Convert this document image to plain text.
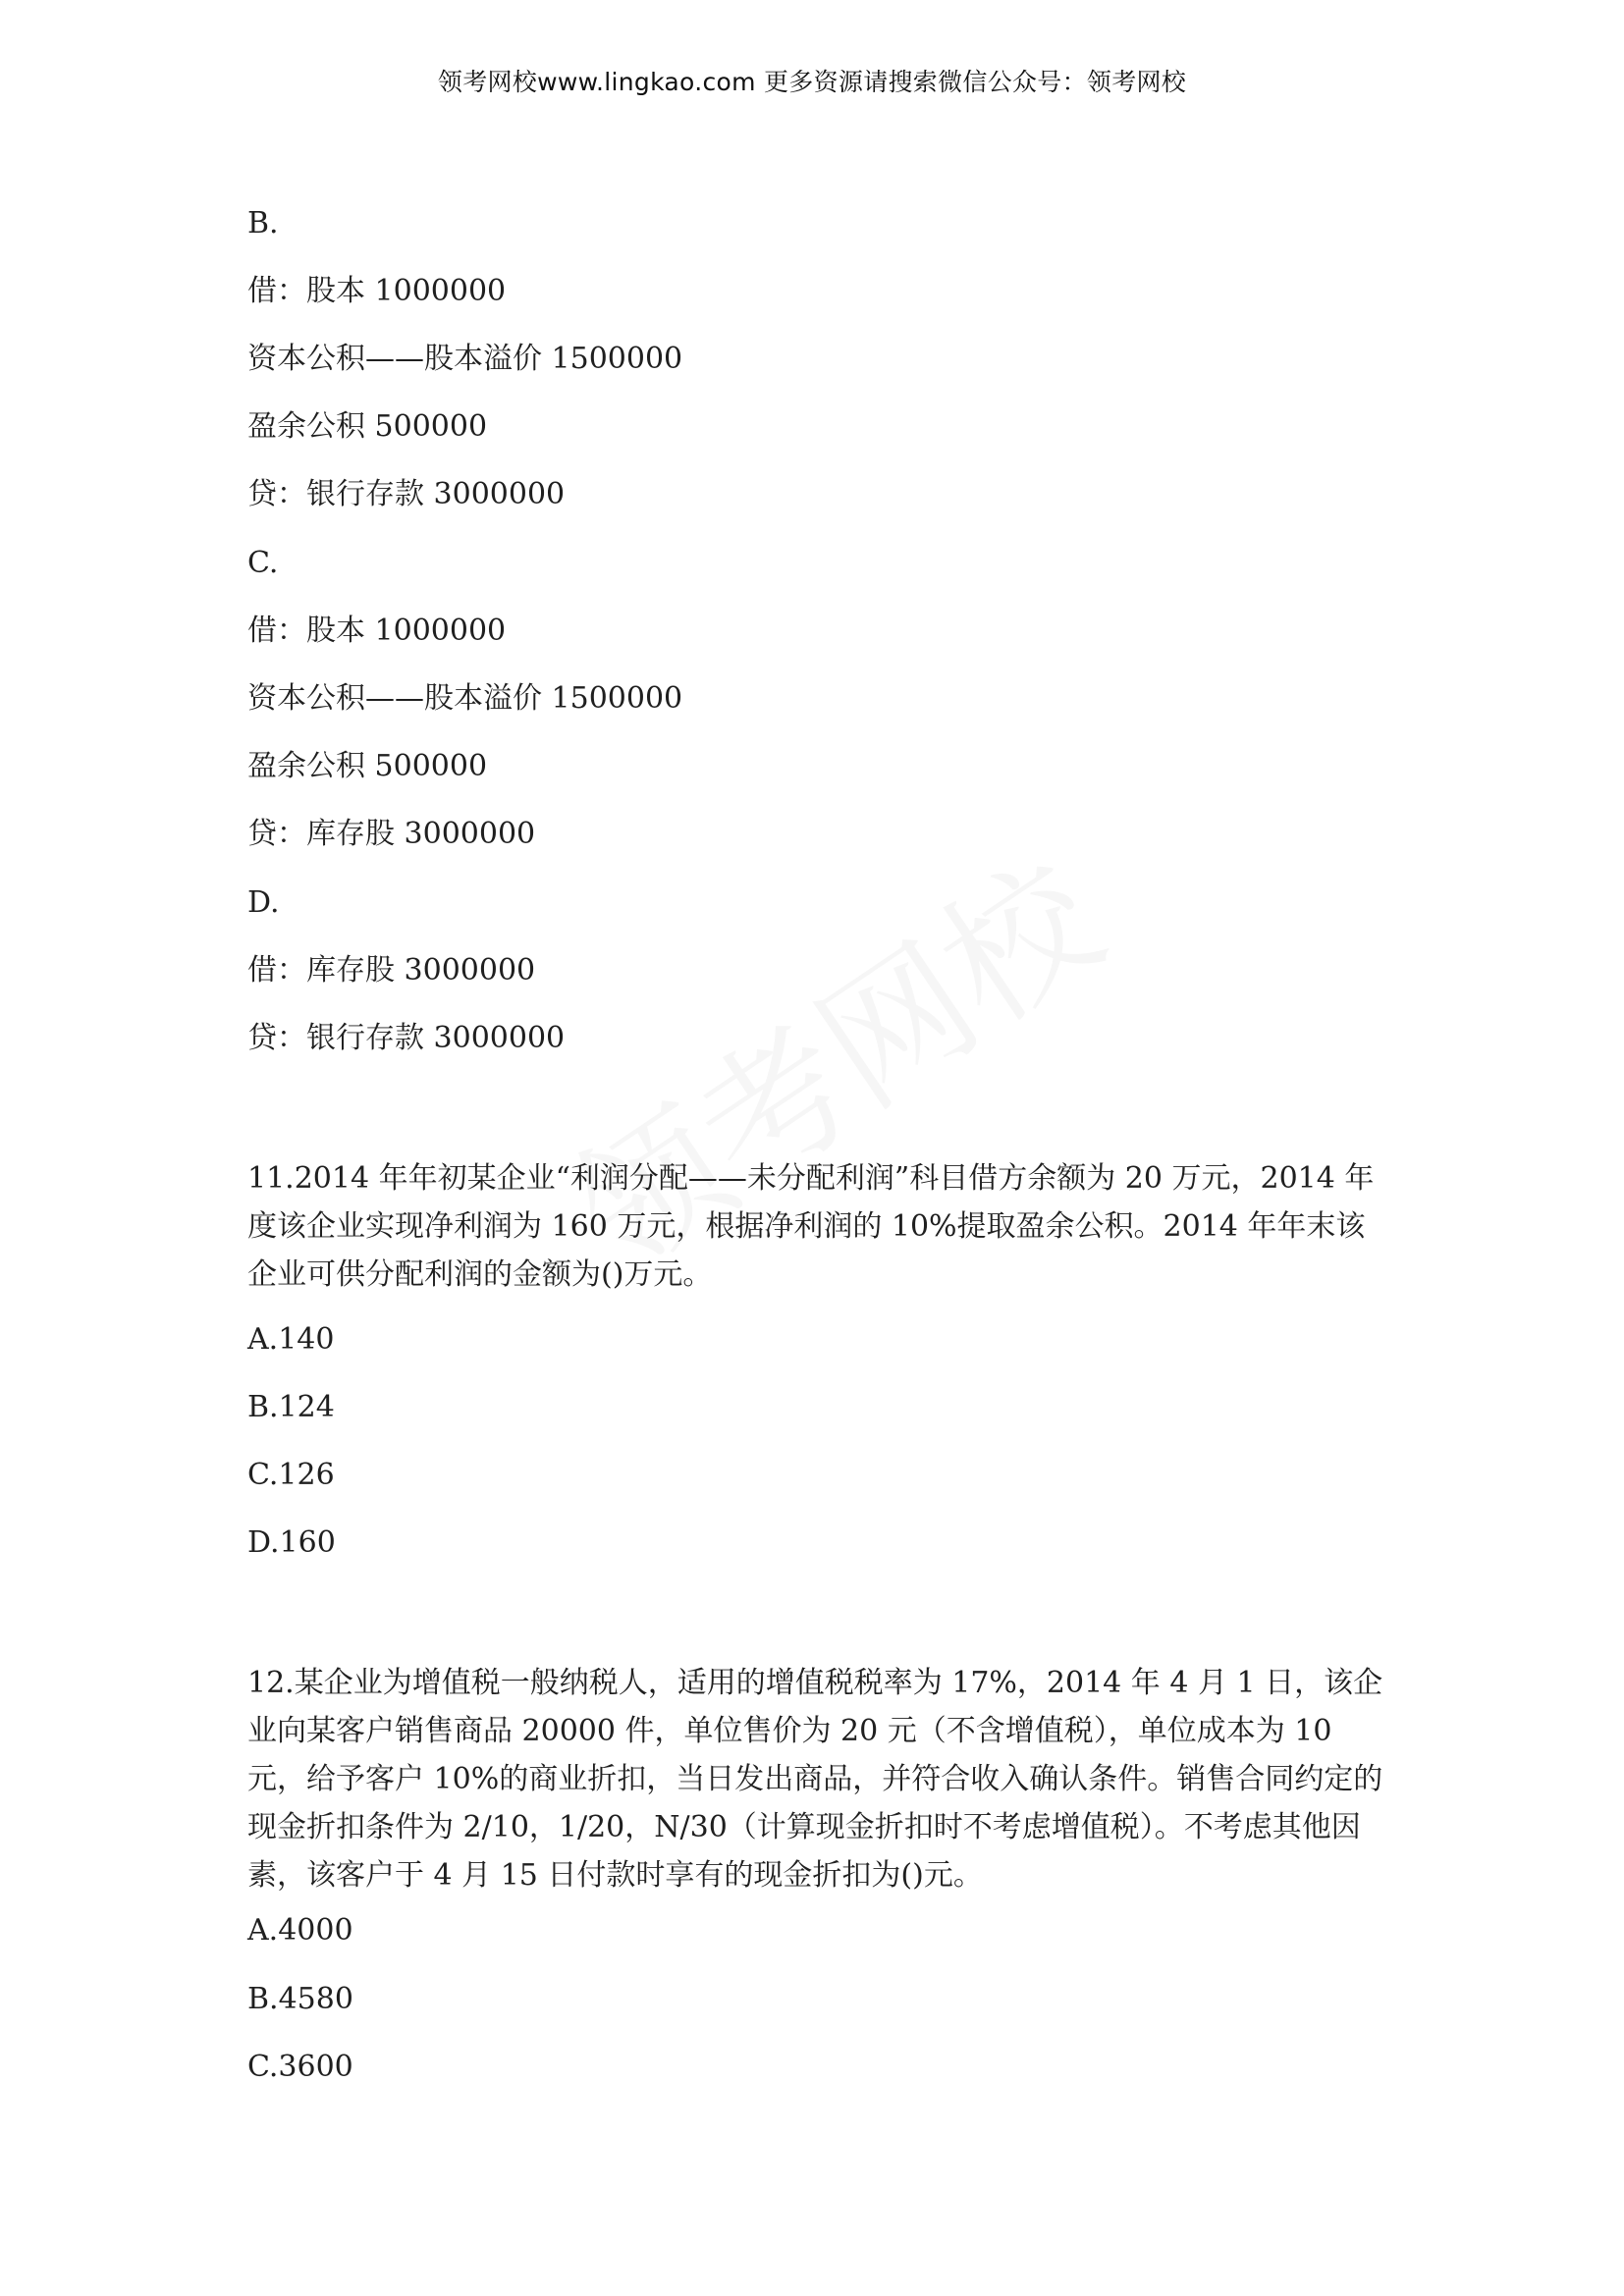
领考网校www.lingkao.com 更多资源请搜索微信公众号：领考网校
B.
借：股本 1000000
资本公积——股本溢价 1500000
盈余公积 500000
贷：银行存款 3000000
C.
借：股本 1000000
资本公积——股本溢价 1500000
盈余公积 500000
贷：库存股 3000000
D.
借：库存股 3000000
贷：银行存款 3000000
11.2014 年年初某企业“利润分配——未分配利润”科目借方余额为 20 万元，2014 年度该企业实现净利润为 160 万元，根据净利润的 10%提取盈余公积。2014 年年末该企业可供分配利润的金额为()万元。
A.140
B.124
C.126
D.160
12.某企业为增值税一般纳税人，适用的增值税税率为 17%，2014 年 4 月 1 日，该企业向某客户销售商品 20000 件，单位售价为 20 元（不含增值税），单位成本为 10 元，给予客户 10%的商业折扣，当日发出商品，并符合收入确认条件。销售合同约定的现金折扣条件为 2/10，1/20，N/30（计算现金折扣时不考虑增值税）。不考虑其他因素，该客户于 4 月 15 日付款时享有的现金折扣为()元。
A.4000
B.4580
C.3600
